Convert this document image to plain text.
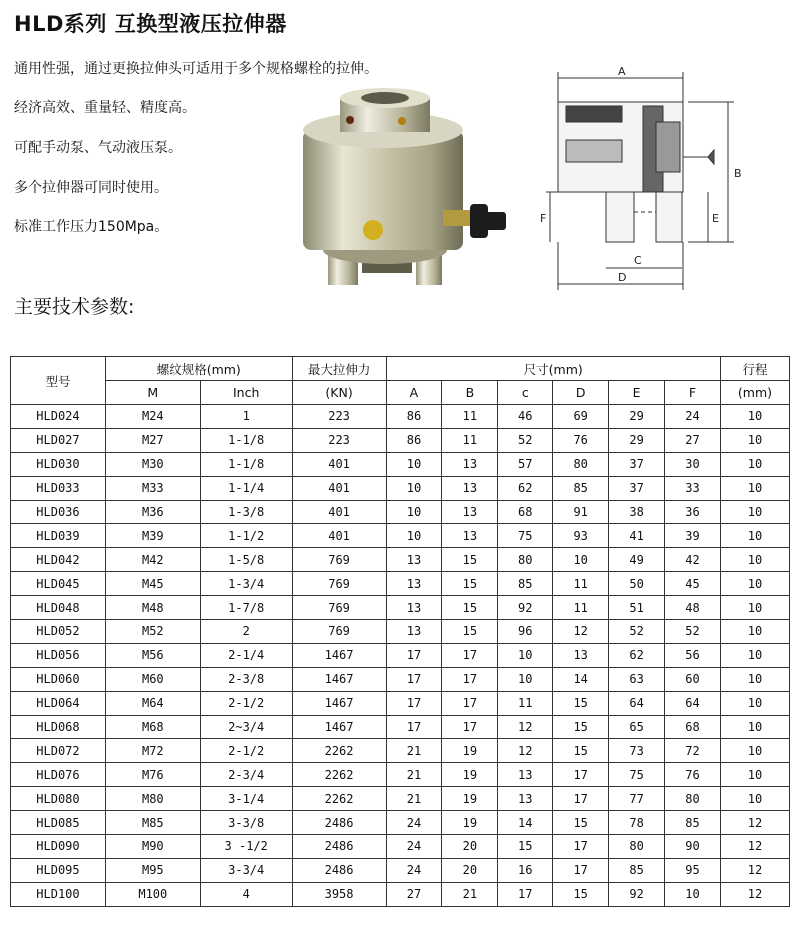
HLD系列 互换型液压拉伸器
通用性强，通过更换拉伸头可适用于多个规格螺栓的拉伸。
经济高效、重量轻、精度高。
可配手动泵、气动液压泵。
多个拉伸器可同时使用。
标准工作压力150Mpa。
A
B
C
D
E
F
主要技术参数:
型号	螺纹规格(mm)		最大拉伸力	尺寸(mm)						行程
	M	Inch	(KN)	A	B	c	D	E	F	(mm)
HLD024	M24	1	223	86	11	46	69	29	24	10
HLD027	M27	1-1/8	223	86	11	52	76	29	27	10
HLD030	M30	1-1/8	401	10	13	57	80	37	30	10
HLD033	M33	1-1/4	401	10	13	62	85	37	33	10
HLD036	M36	1-3/8	401	10	13	68	91	38	36	10
HLD039	M39	1-1/2	401	10	13	75	93	41	39	10
HLD042	M42	1-5/8	769	13	15	80	10	49	42	10
HLD045	M45	1-3/4	769	13	15	85	11	50	45	10
HLD048	M48	1-7/8	769	13	15	92	11	51	48	10
HLD052	M52	2	769	13	15	96	12	52	52	10
HLD056	M56	2-1/4	1467	17	17	10	13	62	56	10
HLD060	M60	2-3/8	1467	17	17	10	14	63	60	10
HLD064	M64	2-1/2	1467	17	17	11	15	64	64	10
HLD068	M68	2~3/4	1467	17	17	12	15	65	68	10
HLD072	M72	2-1/2	2262	21	19	12	15	73	72	10
HLD076	M76	2-3/4	2262	21	19	13	17	75	76	10
HLD080	M80	3-1/4	2262	21	19	13	17	77	80	10
HLD085	M85	3-3/8	2486	24	19	14	15	78	85	12
HLD090	M90	3 -1/2	2486	24	20	15	17	80	90	12
HLD095	M95	3-3/4	2486	24	20	16	17	85	95	12
HLD100	M100	4	3958	27	21	17	15	92	10	12
